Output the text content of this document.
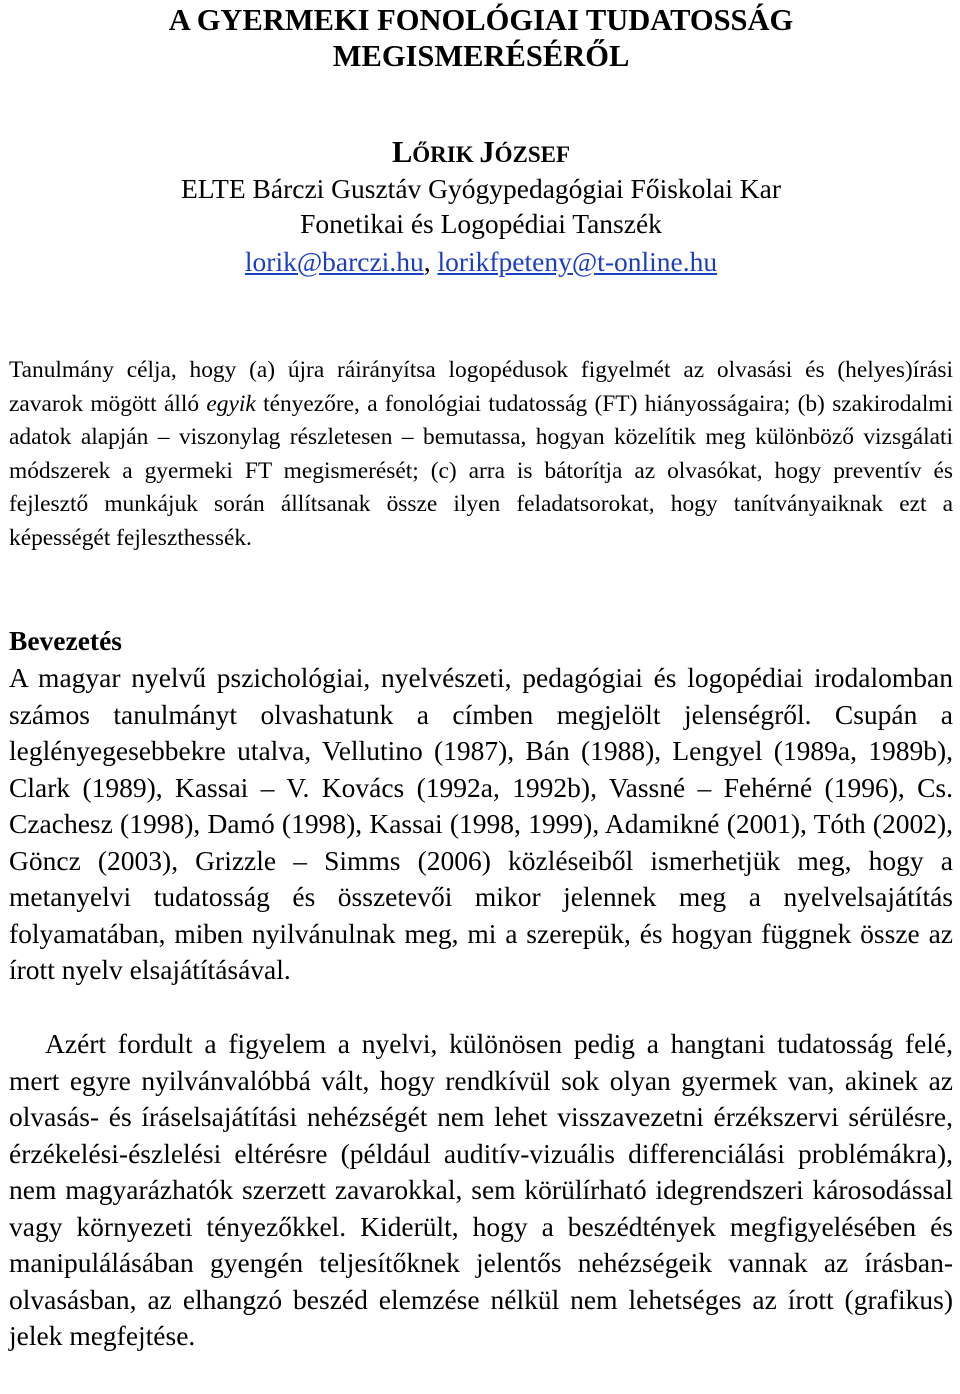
A GYERMEKI FONOLÓGIAI TUDATOSSÁG
MEGISMERÉSÉRŐL

LŐRIK JÓZSEF

ELTE Bárczi Gusztáv Gyógypedagógiai Főiskolai Kar

Fonetikai és Logopédiai Tanszék

lorik@barczi.hu, lorikfpeteny@t-online.hu

Tanulmány célja, hogy (a) újra ráirányítsa logopédusok figyelmét az olvasási és (helyes)írási zavarok mögött álló egyik tényezőre, a fonológiai tudatosság (FT) hiányosságaira; (b) szakirodalmi adatok alapján – viszonylag részletesen – bemutassa, hogyan közelítik meg különböző vizsgálati módszerek a gyermeki FT megismerését; (c) arra is bátorítja az olvasókat, hogy preventív és fejlesztő munkájuk során állítsanak össze ilyen feladatsorokat, hogy tanítványaiknak ezt a képességét fejleszthessék.

Bevezetés

A magyar nyelvű pszichológiai, nyelvészeti, pedagógiai és logopédiai irodalomban számos tanulmányt olvashatunk a címben megjelölt jelenségről. Csupán a leglényegesebbekre utalva, Vellutino (1987), Bán (1988), Lengyel (1989a, 1989b), Clark (1989), Kassai – V. Kovács (1992a, 1992b), Vassné – Fehérné (1996), Cs. Czachesz (1998), Damó (1998), Kassai (1998, 1999), Adamikné (2001), Tóth (2002), Göncz (2003), Grizzle – Simms (2006) közléseiből ismerhetjük meg, hogy a metanyelvi tudatosság és összetevői mikor jelennek meg a nyelvelsajátítás folyamatában, miben nyilvánulnak meg, mi a szerepük, és hogyan függnek össze az írott nyelv elsajátításával.

Azért fordult a figyelem a nyelvi, különösen pedig a hangtani tudatosság felé, mert egyre nyilvánvalóbbá vált, hogy rendkívül sok olyan gyermek van, akinek az olvasás- és íráselsajátítási nehézségét nem lehet visszavezetni érzékszervi sérülésre, érzékelési-észlelési eltérésre (például auditív-vizuális differenciálási problémákra), nem magyarázhatók szerzett zavarokkal, sem körülírható idegrendszeri károsodással vagy környezeti tényezőkkel. Kiderült, hogy a beszédtények megfigyelésében és manipulálásában gyengén teljesítőknek jelentős nehézségeik vannak az írásban-olvasásban, az elhangzó beszéd elemzése nélkül nem lehetséges az írott (grafikus) jelek megfejtése.
